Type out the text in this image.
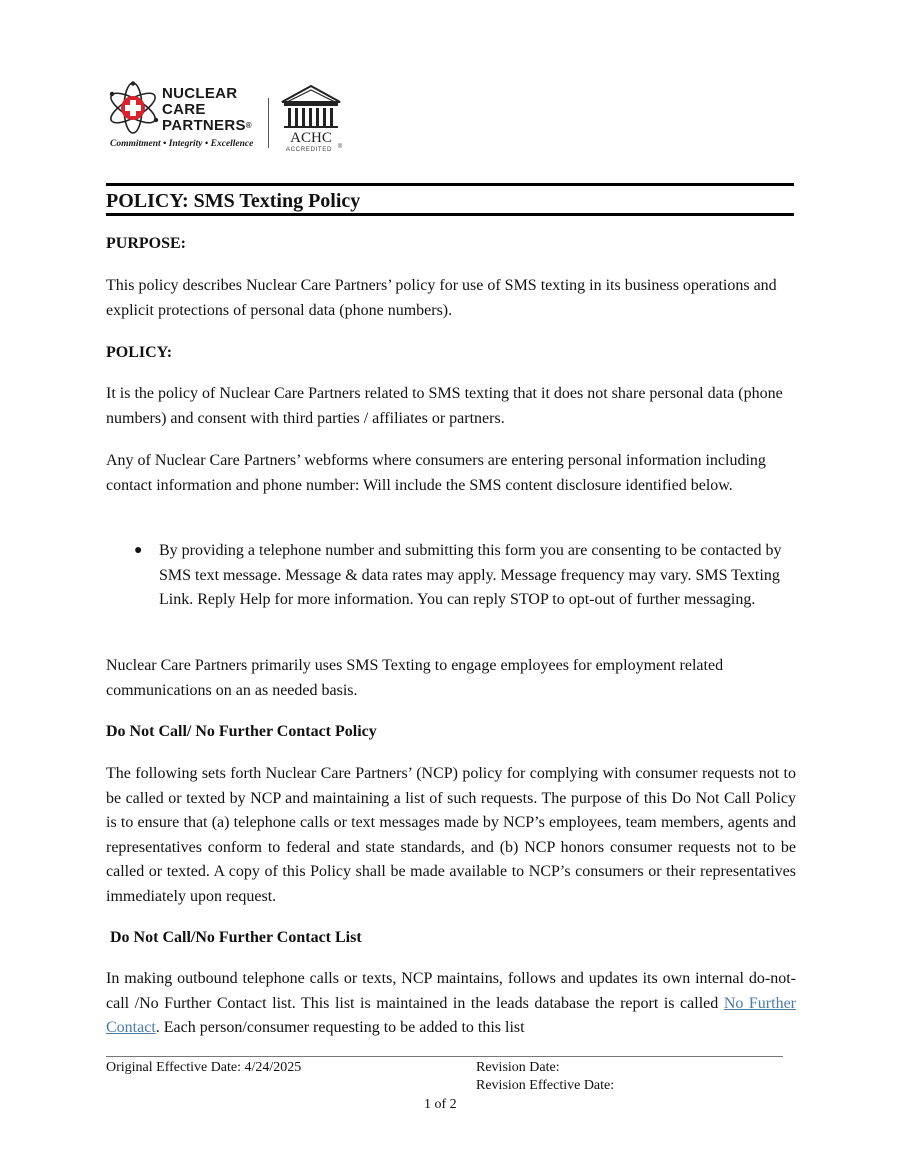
NUCLEAR
CARE
PARTNERS®
Commitment • Integrity • Excellence ACHC
ACCREDITED ®
POLICY: SMS Texting Policy

PURPOSE:

This policy describes Nuclear Care Partners’ policy for use of SMS texting in its business operations and explicit protections of personal data (phone numbers).

POLICY:

It is the policy of Nuclear Care Partners related to SMS texting that it does not share personal data (phone numbers) and consent with third parties / affiliates or partners.

Any of Nuclear Care Partners’ webforms where consumers are entering personal information including contact information and phone number: Will include the SMS content disclosure identified below.

● By providing a telephone number and submitting this form you are consenting to be contacted by SMS text message. Message & data rates may apply. Message frequency may vary. SMS Texting Link. Reply Help for more information. You can reply STOP to opt-out of further messaging.

Nuclear Care Partners primarily uses SMS Texting to engage employees for employment related communications on an as needed basis.

Do Not Call/ No Further Contact Policy

The following sets forth Nuclear Care Partners’ (NCP) policy for complying with consumer requests not to be called or texted by NCP and maintaining a list of such requests. The purpose of this Do Not Call Policy is to ensure that (a) telephone calls or text messages made by NCP’s employees, team members, agents and representatives conform to federal and state standards, and (b) NCP honors consumer requests not to be called or texted. A copy of this Policy shall be made available to NCP’s consumers or their representatives immediately upon request.

Do Not Call/No Further Contact List

In making outbound telephone calls or texts, NCP maintains, follows and updates its own internal do-not-call /No Further Contact list. This list is maintained in the leads database the report is called No Further Contact. Each person/consumer requesting to be added to this list

Original Effective Date: 4/24/2025	Revision Date:
Revision Effective Date:
1 of 2
